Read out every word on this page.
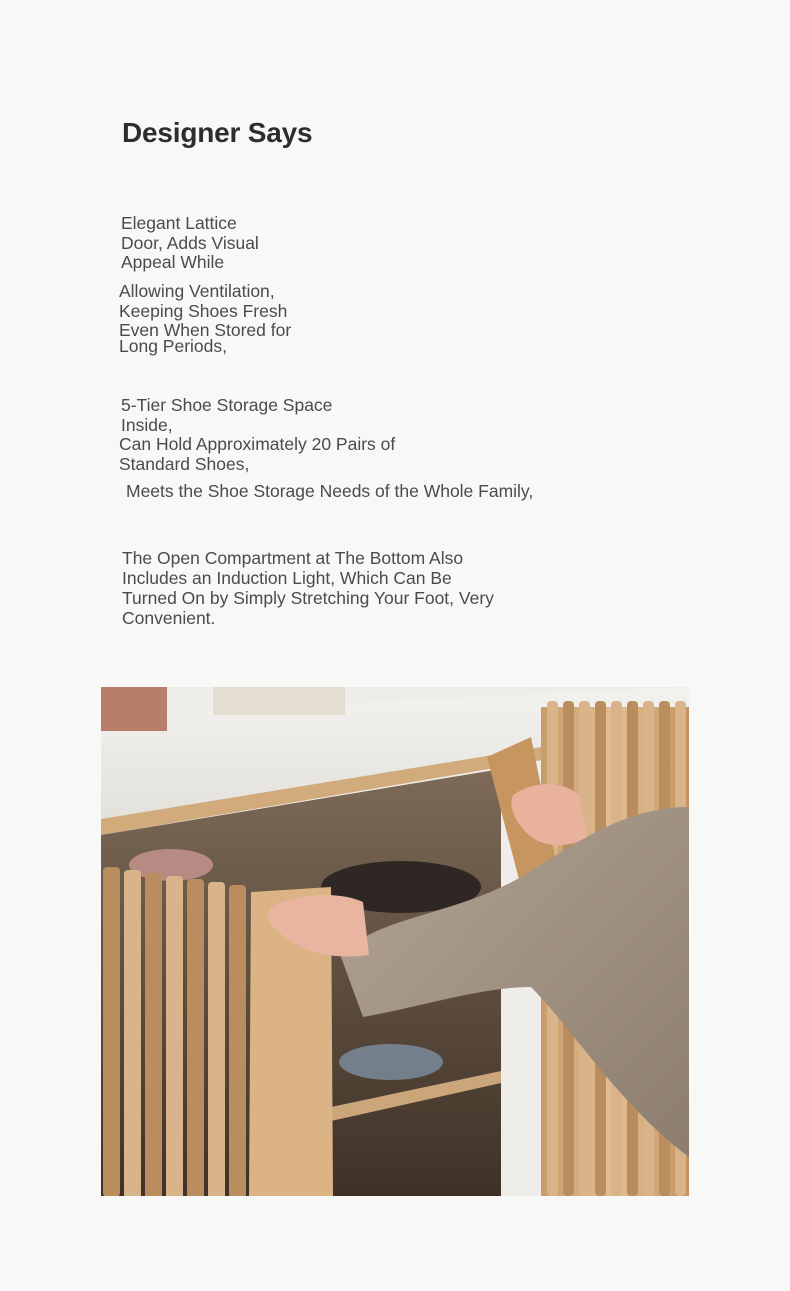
Designer Says

Elegant Lattice
Door, Adds Visual
Appeal While

Allowing Ventilation,
Keeping Shoes Fresh
Even When Stored for
Long Periods,

5-Tier Shoe Storage Space
Inside,
Can Hold Approximately 20 Pairs of
Standard Shoes,

Meets the Shoe Storage Needs of the Whole Family,

The Open Compartment at The Bottom Also
Includes an Induction Light, Which Can Be
Turned On by Simply Stretching Your Foot, Very
Convenient.
